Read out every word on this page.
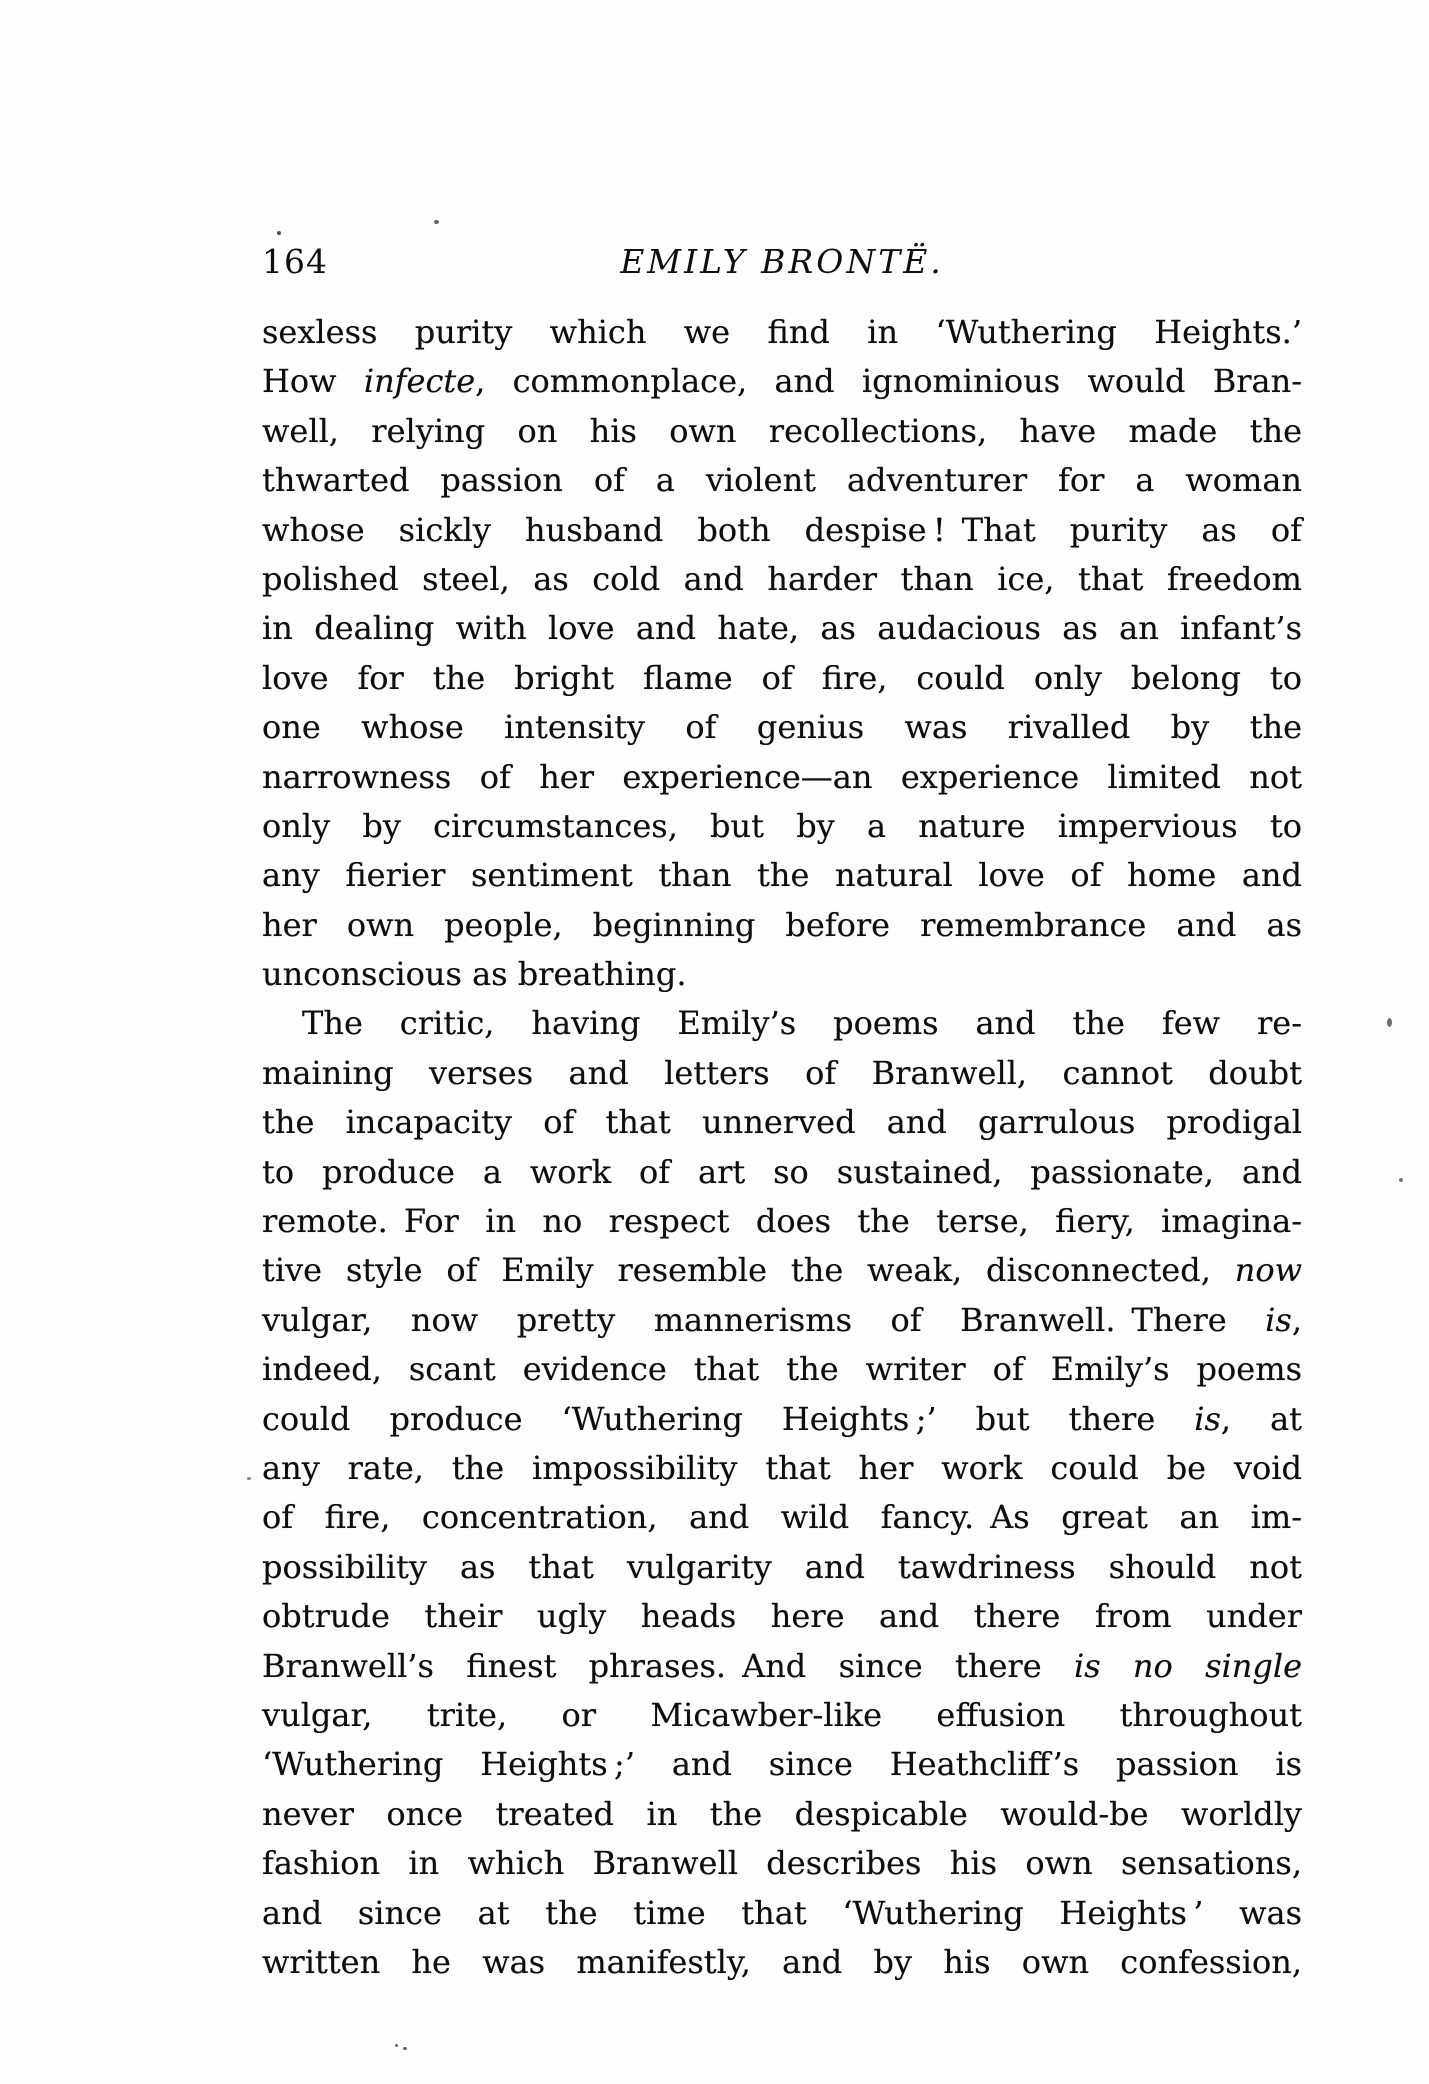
164	EMILY BRONTË.
sexless purity which we find in ‘Wuthering Heights.’
How infecte, commonplace, and ignominious would Bran-
well, relying on his own recollections, have made the
thwarted passion of a violent adventurer for a woman
whose sickly husband both despise ! That purity as of
polished steel, as cold and harder than ice, that freedom
in dealing with love and hate, as audacious as an infant’s
love for the bright flame of fire, could only belong to
one whose intensity of genius was rivalled by the
narrowness of her experience—an experience limited not
only by circumstances, but by a nature impervious to
any fierier sentiment than the natural love of home and
her own people, beginning before remembrance and as
unconscious as breathing.
The critic, having Emily’s poems and the few re-
maining verses and letters of Branwell, cannot doubt
the incapacity of that unnerved and garrulous prodigal
to produce a work of art so sustained, passionate, and
remote. For in no respect does the terse, fiery, imagina-
tive style of Emily resemble the weak, disconnected, now
vulgar, now pretty mannerisms of Branwell. There is,
indeed, scant evidence that the writer of Emily’s poems
could produce ‘Wuthering Heights ;’ but there is, at
any rate, the impossibility that her work could be void
of fire, concentration, and wild fancy. As great an im-
possibility as that vulgarity and tawdriness should not
obtrude their ugly heads here and there from under
Branwell’s finest phrases. And since there is no single
vulgar, trite, or Micawber-like effusion throughout
‘Wuthering Heights ;’ and since Heathcliff’s passion is
never once treated in the despicable would-be worldly
fashion in which Branwell describes his own sensations,
and since at the time that ‘Wuthering Heights ’ was
written he was manifestly, and by his own confession,
